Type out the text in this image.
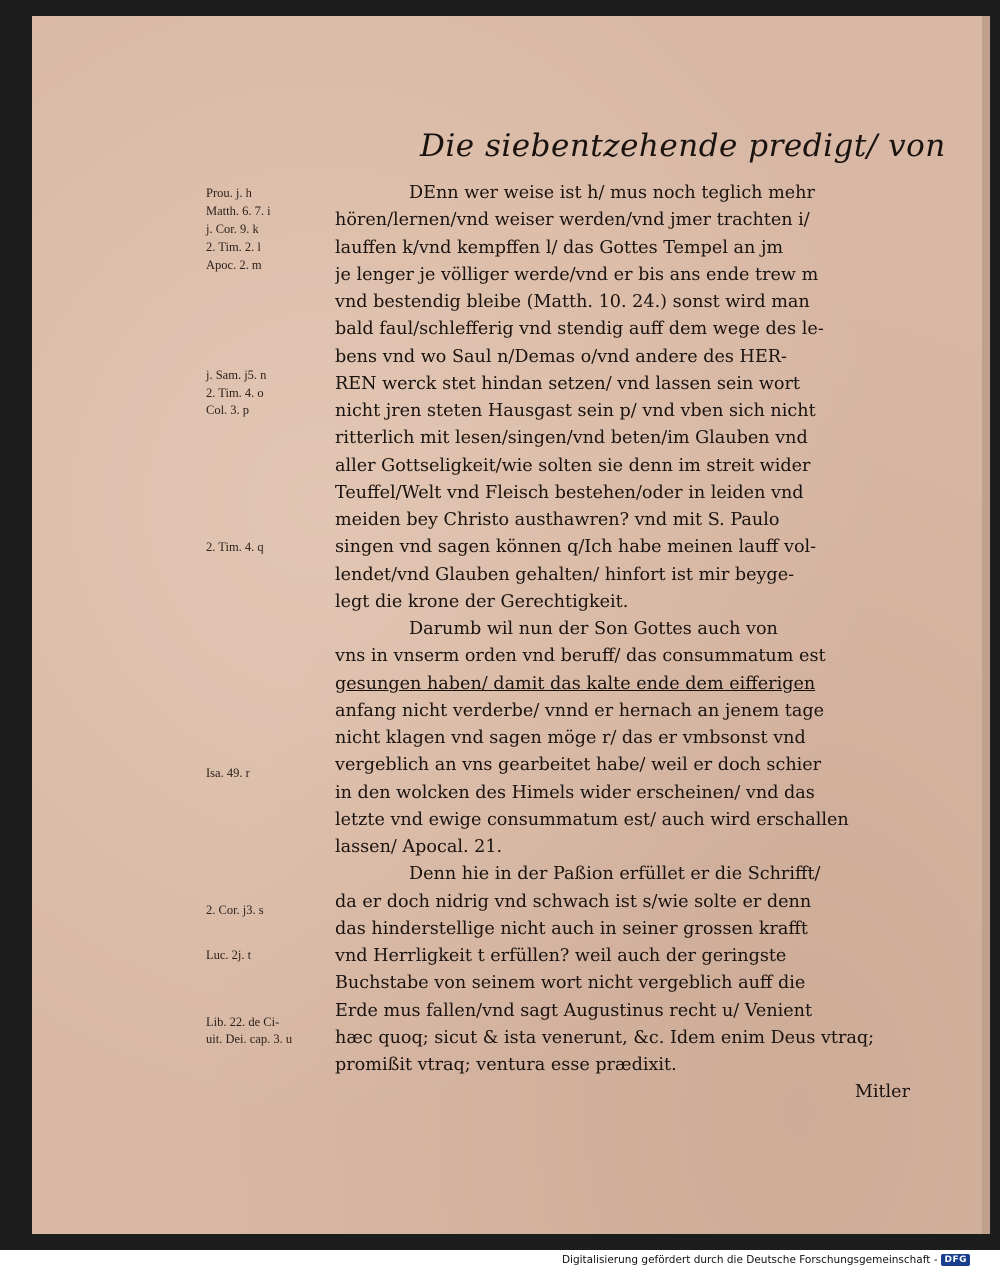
Die siebentzehende predigt/ von
Prou. j. h
Matth. 6. 7. i
j. Cor. 9. k
2. Tim. 2. l
Apoc. 2. m
j. Sam. j5. n
2. Tim. 4. o
Col. 3. p
2. Tim. 4. q
Isa. 49. r
2. Cor. j3. s
Luc. 2j. t
Lib. 22. de Ci-
uit. Dei. cap. 3. u
DEnn wer weise ist h/ mus noch teglich mehr
hören/lernen/vnd weiser werden/vnd jmer trachten i/
lauffen k/vnd kempffen l/ das Gottes Tempel an jm
je lenger je völliger werde/vnd er bis ans ende trew m
vnd bestendig bleibe (Matth. 10. 24.) sonst wird man
bald faul/schlefferig vnd stendig auff dem wege des le-
bens vnd wo Saul n/Demas o/vnd andere des HER-
REN werck stet hindan setzen/ vnd lassen sein wort
nicht jren steten Hausgast sein p/ vnd vben sich nicht
ritterlich mit lesen/singen/vnd beten/im Glauben vnd
aller Gottseligkeit/wie solten sie denn im streit wider
Teuffel/Welt vnd Fleisch bestehen/oder in leiden vnd
meiden bey Christo austhawren? vnd mit S. Paulo
singen vnd sagen können q/Ich habe meinen lauff vol-
lendet/vnd Glauben gehalten/ hinfort ist mir beyge-
legt die krone der Gerechtigkeit.
Darumb wil nun der Son Gottes auch von
vns in vnserm orden vnd beruff/ das consummatum est
gesungen haben/ damit das kalte ende dem eifferigen
anfang nicht verderbe/ vnnd er hernach an jenem tage
nicht klagen vnd sagen möge r/ das er vmbsonst vnd
vergeblich an vns gearbeitet habe/ weil er doch schier
in den wolcken des Himels wider erscheinen/ vnd das
letzte vnd ewige consummatum est/ auch wird erschallen
lassen/ Apocal. 21.
Denn hie in der Paßion erfüllet er die Schrifft/
da er doch nidrig vnd schwach ist s/wie solte er denn
das hinderstellige nicht auch in seiner grossen krafft
vnd Herrligkeit t erfüllen? weil auch der geringste
Buchstabe von seinem wort nicht vergeblich auff die
Erde mus fallen/vnd sagt Augustinus recht u/ Venient
hæc quoq; sicut & ista venerunt, &c. Idem enim Deus vtraq;
promißit vtraq; ventura esse prædixit.
Mitler
Digitalisierung gefördert durch die Deutsche Forschungsgemeinschaft - DFG
